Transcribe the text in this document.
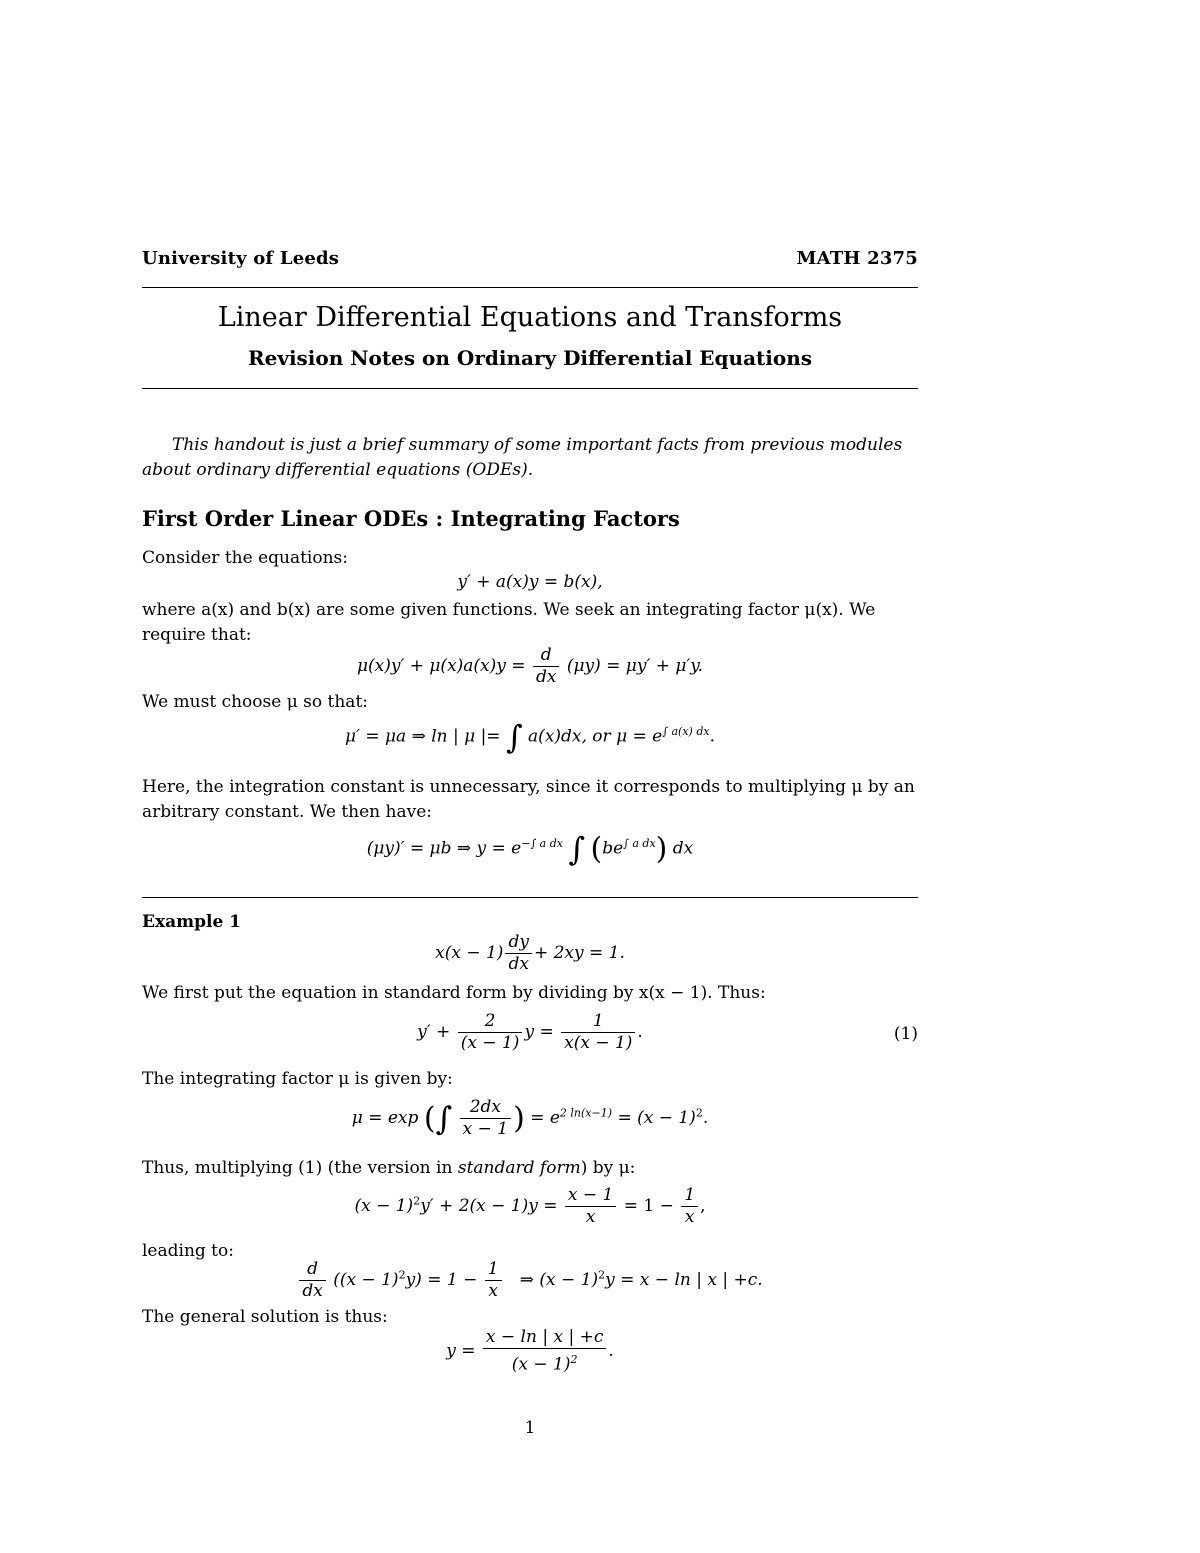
University of Leeds	MATH 2375
Linear Differential Equations and Transforms
Revision Notes on Ordinary Differential Equations
This handout is just a brief summary of some important facts from previous modules
about ordinary differential equations (ODEs).
First Order Linear ODEs : Integrating Factors
Consider the equations:
y′ + a(x)y = b(x),
where a(x) and b(x) are some given functions. We seek an integrating factor μ(x). We
require that:
$\mu(x)y' + \mu(x)a(x)y = \frac{d}{dx} (\mu y) = \mu y' + \mu'y$.
We must choose μ so that:
μ′ = μa ⇒ ln | μ |= ∫ a(x)dx, or $\mu = e^{\int a(x) dx}$.
Here, the integration constant is unnecessary, since it corresponds to multiplying μ by an
arbitrary constant. We then have:
(μy)′ = μb ⇒ $y = e^{-\int a dx}$ ∫ $(be^{\int a dx})$ dx
Example 1
$x(x - 1) \frac{dy}{dx} + 2xy = 1$.
We first put the equation in standard form by dividing by x(x − 1). Thus:
$y' + \frac{2}{(x - 1)}$ $y = \frac{1}{x(x - 1)}$ .	(1)
The integrating factor μ is given by:
μ = exp (∫ $\frac{2dx}{x - 1}$ ) = $e^{2 ln(x-1)} = (x - 1)^2$.
Thus, multiplying (1) (the version in standard form) by μ:
$(x - 1)^2y' + 2(x - 1)y = \frac{x - 1}{x} = 1 - \frac{1}{x}$ ,
leading to:
$\frac{d}{dx} ((x - 1)^2y) = 1 - \frac{1}{x}$ ⇒ $(x - 1)^2y = x - \ln$ | x | +c.
The general solution is thus:
$y = \frac{x - \ln | x | +c}{(x - 1)^2}$ .
1
